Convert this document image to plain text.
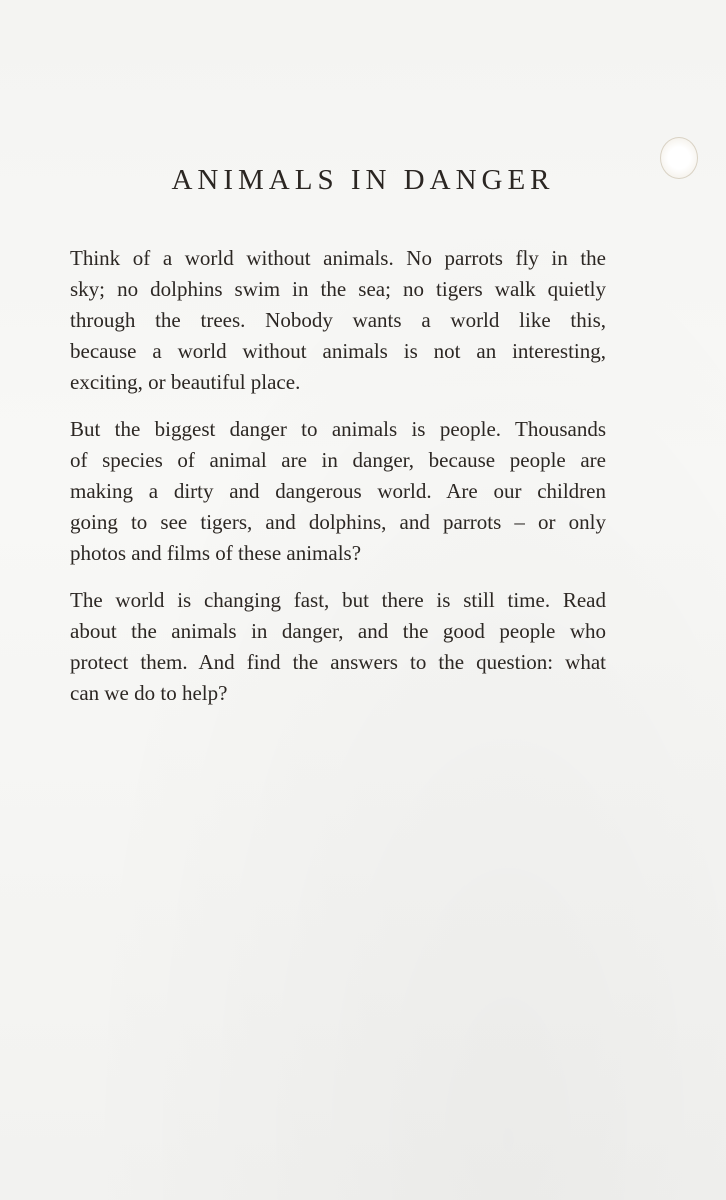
ANIMALS IN DANGER

Think of a world without animals. No parrots fly in the
sky; no dolphins swim in the sea; no tigers walk quietly
through the trees. Nobody wants a world like this,
because a world without animals is not an interesting,
exciting, or beautiful place.

But the biggest danger to animals is people. Thousands
of species of animal are in danger, because people are
making a dirty and dangerous world. Are our children
going to see tigers, and dolphins, and parrots – or only
photos and films of these animals?

The world is changing fast, but there is still time. Read
about the animals in danger, and the good people who
protect them. And find the answers to the question: what
can we do to help?
